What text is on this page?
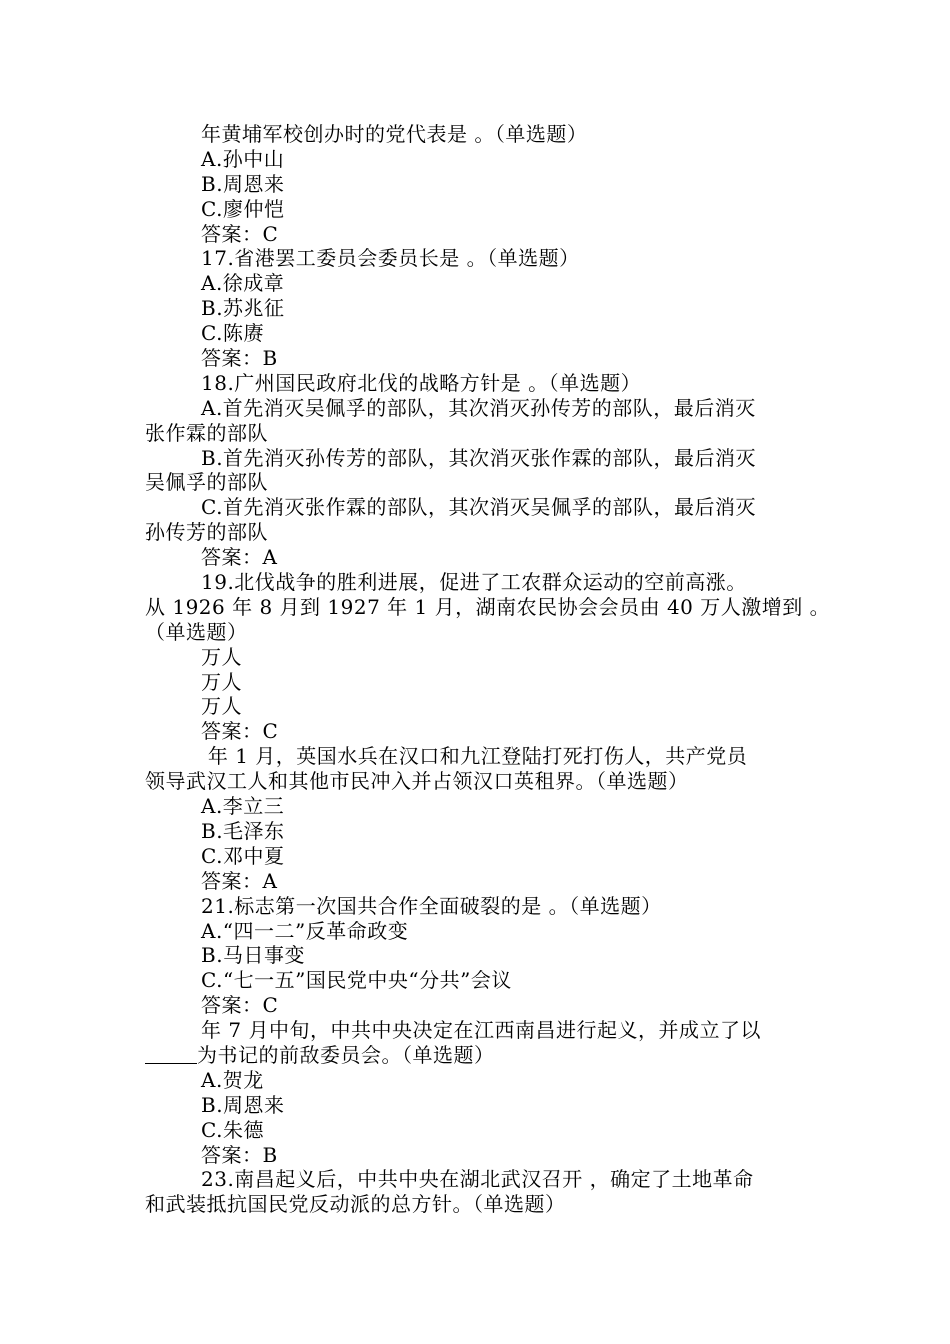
年黄埔军校创办时的党代表是 。（单选题）
A.孙中山
B.周恩来
C.廖仲恺
答案：C
17.省港罢工委员会委员长是 。（单选题）
A.徐成章
B.苏兆征
C.陈赓
答案：B
18.广州国民政府北伐的战略方针是 。（单选题）
A.首先消灭吴佩孚的部队，其次消灭孙传芳的部队，最后消灭
张作霖的部队
B.首先消灭孙传芳的部队，其次消灭张作霖的部队，最后消灭
吴佩孚的部队
C.首先消灭张作霖的部队，其次消灭吴佩孚的部队，最后消灭
孙传芳的部队
答案：A
19.北伐战争的胜利进展，促进了工农群众运动的空前高涨。
从 1926 年 8 月到 1927 年 1 月，湖南农民协会会员由 40 万人激增到 。
（单选题）
万人
万人
万人
答案：C
年 1 月，英国水兵在汉口和九江登陆打死打伤人，共产党员
领导武汉工人和其他市民冲入并占领汉口英租界。（单选题）
A.李立三
B.毛泽东
C.邓中夏
答案：A
21.标志第一次国共合作全面破裂的是 。（单选题）
A.“四一二”反革命政变
B.马日事变
C.“七一五”国民党中央“分共”会议
答案：C
年 7 月中旬，中共中央决定在江西南昌进行起义，并成立了以
为书记的前敌委员会。（单选题）
A.贺龙
B.周恩来
C.朱德
答案：B
23.南昌起义后，中共中央在湖北武汉召开 ，确定了土地革命
和武装抵抗国民党反动派的总方针。（单选题）
